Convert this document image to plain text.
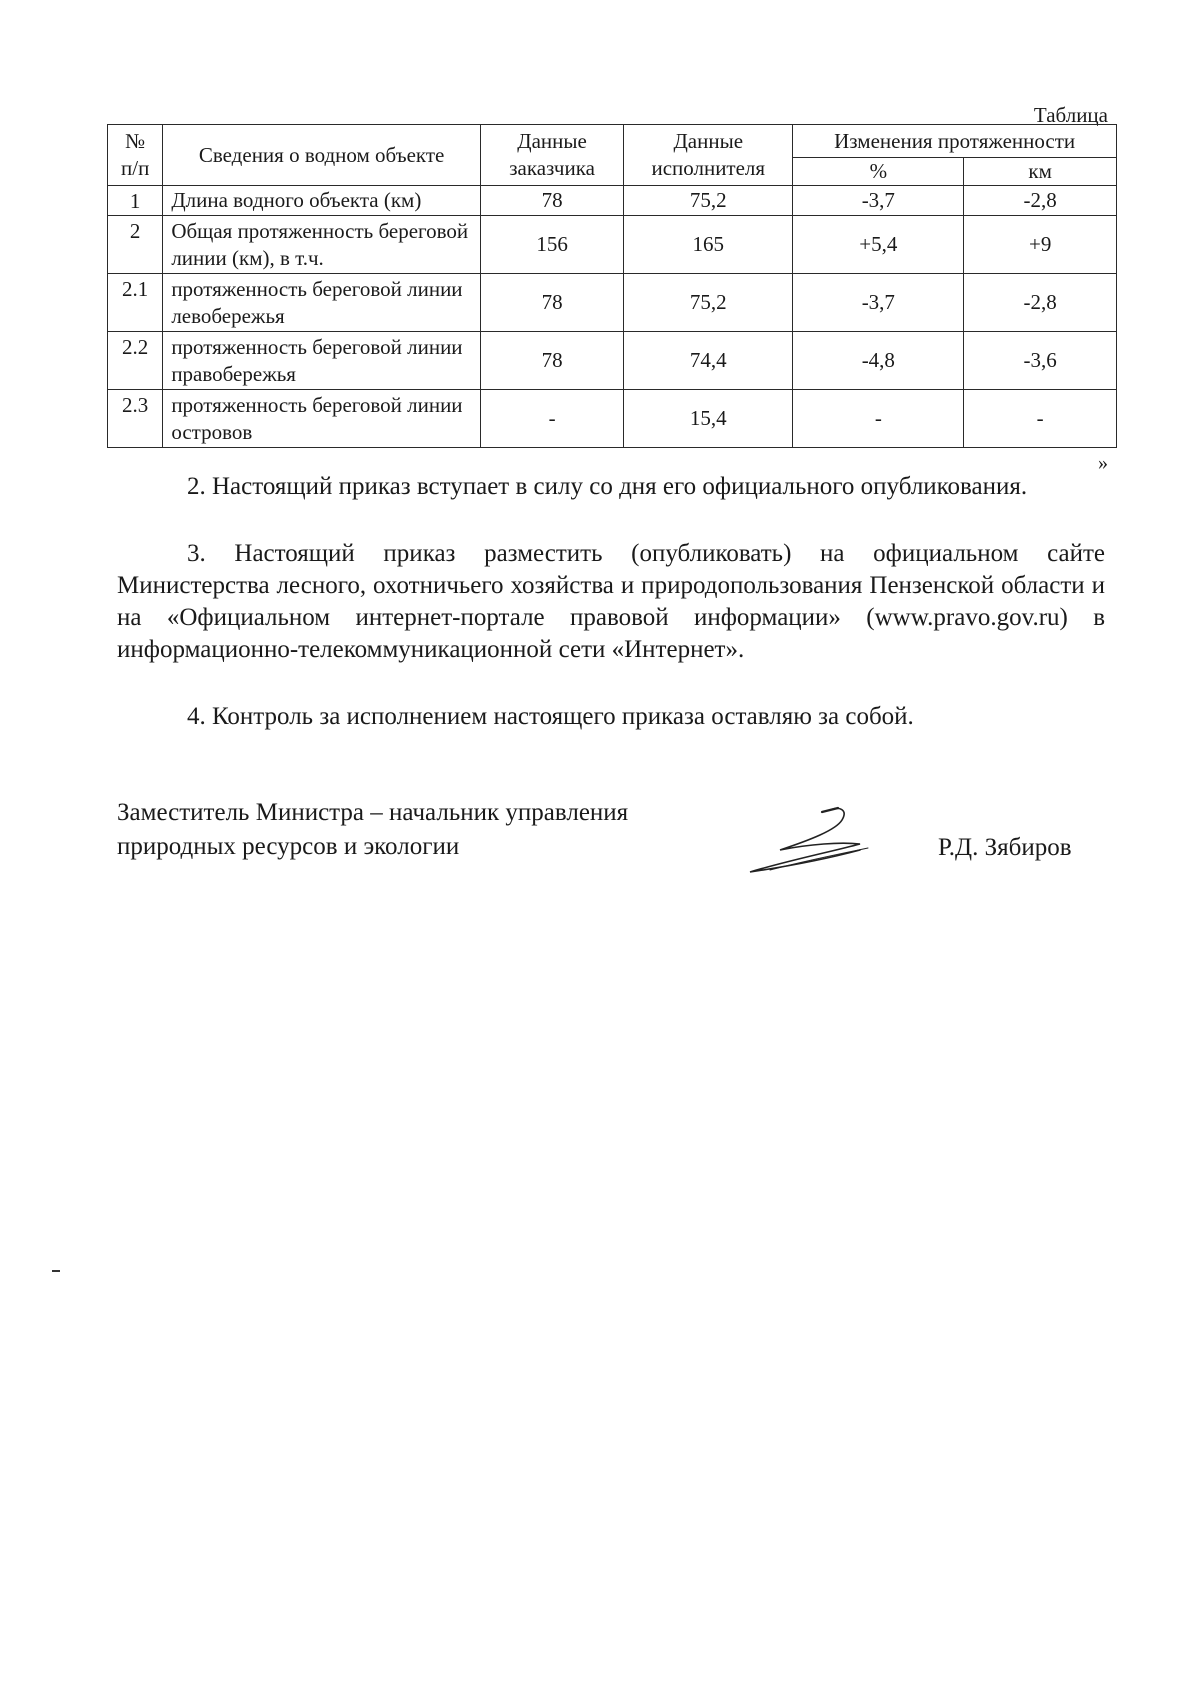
Таблица
№ п/п	Сведения о водном объекте	Данные заказчика	Данные исполнителя	Изменения протяженности	
				%	км
1	Длина водного объекта (км)	78	75,2	-3,7	-2,8
2	Общая протяженность береговой линии (км), в т.ч.	156	165	+5,4	+9
2.1	протяженность береговой линии левобережья	78	75,2	-3,7	-2,8
2.2	протяженность береговой линии правобережья	78	74,4	-4,8	-3,6
2.3	протяженность береговой линии островов	-	15,4	-	-
»
2. Настоящий приказ вступает в силу со дня его официального опубликования.
3. Настоящий приказ разместить (опубликовать) на официальном сайте Министерства лесного, охотничьего хозяйства и природопользования Пензенской области и на «Официальном интернет-портале правовой информации» (www.pravo.gov.ru) в информационно-телекоммуникационной сети «Интернет».
4. Контроль за исполнением настоящего приказа оставляю за собой.
Заместитель Министра – начальник управления
природных ресурсов и экологии	Р.Д. Зябиров
